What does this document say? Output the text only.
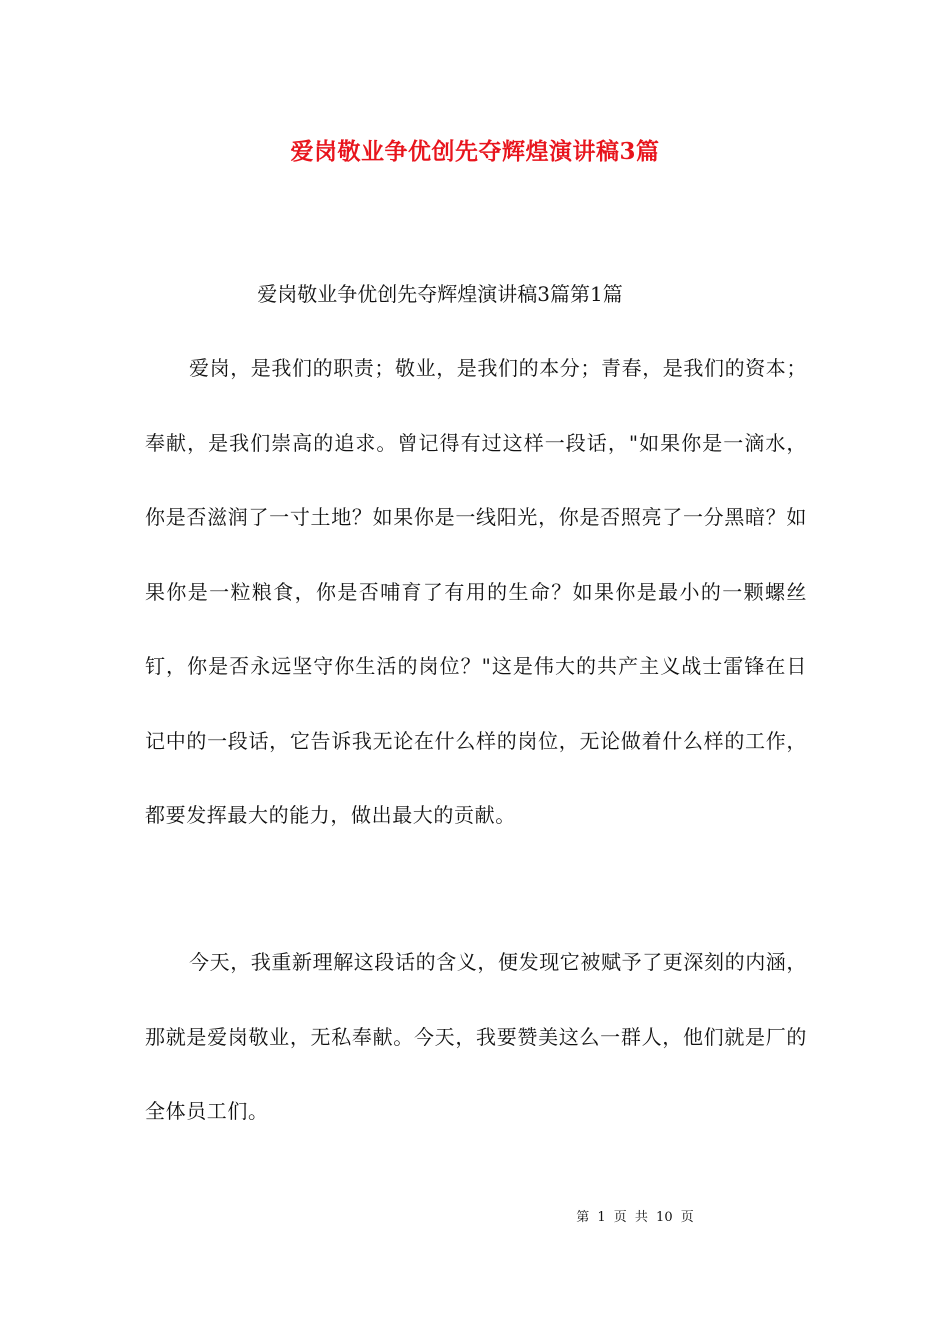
爱岗敬业争优创先夺辉煌演讲稿3篇
爱岗敬业争优创先夺辉煌演讲稿3篇第1篇

爱岗，是我们的职责；敬业，是我们的本分；青春，是我们的资本；奉献，是我们崇高的追求。曾记得有过这样一段话，"如果你是一滴水，你是否滋润了一寸土地？如果你是一线阳光，你是否照亮了一分黑暗？如果你是一粒粮食，你是否哺育了有用的生命？如果你是最小的一颗螺丝钉，你是否永远坚守你生活的岗位？"这是伟大的共产主义战士雷锋在日记中的一段话，它告诉我无论在什么样的岗位，无论做着什么样的工作，都要发挥最大的能力，做出最大的贡献。

今天，我重新理解这段话的含义，便发现它被赋予了更深刻的内涵，那就是爱岗敬业，无私奉献。今天，我要赞美这么一群人，他们就是厂的全体员工们。

第 1 页 共 10 页
